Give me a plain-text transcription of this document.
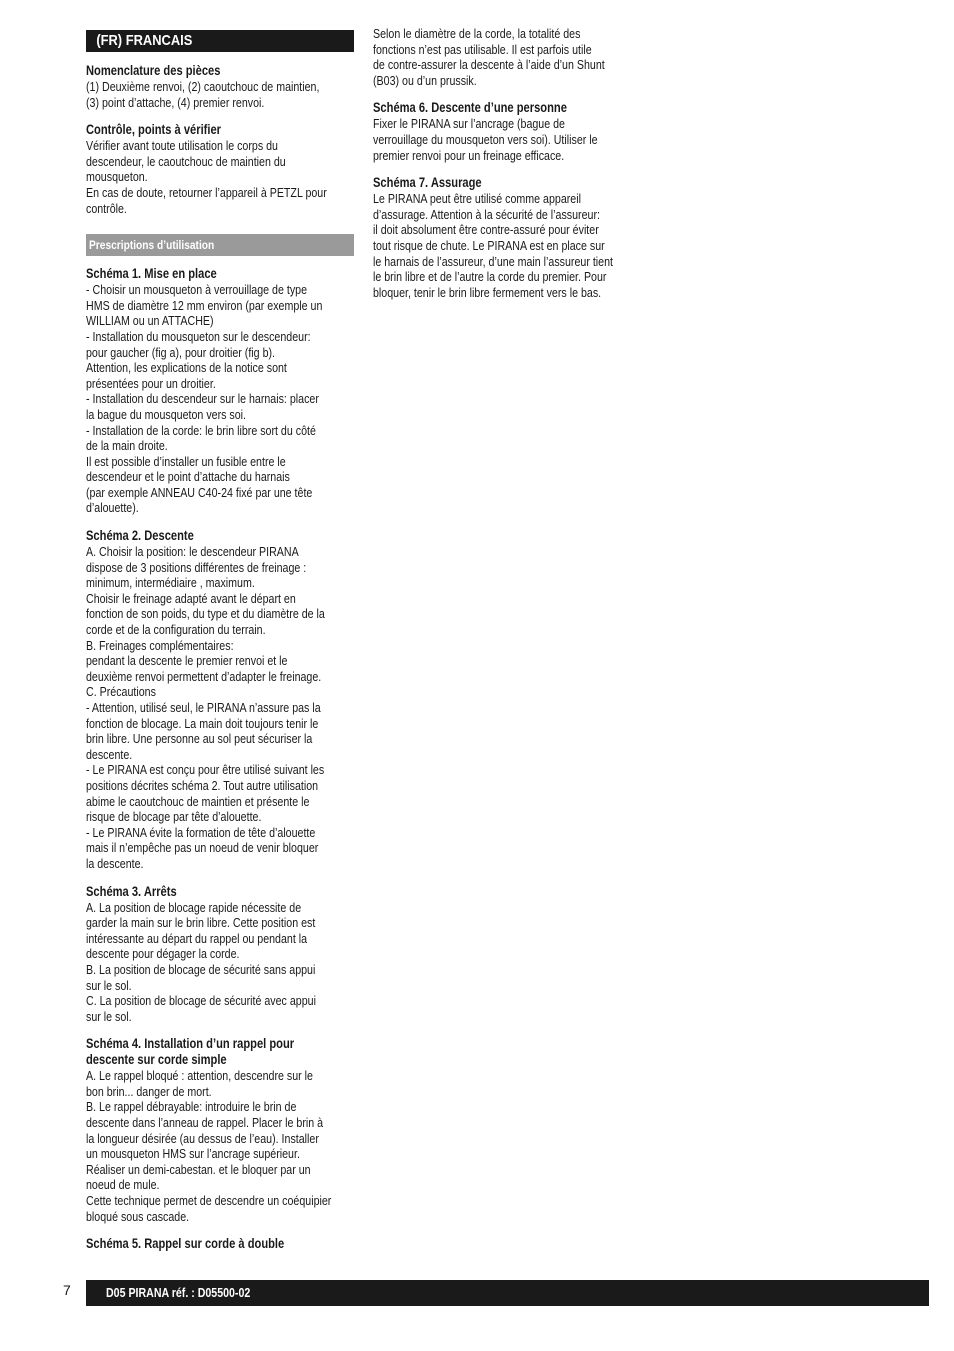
(FR) FRANCAIS
Nomenclature des pièces
(1) Deuxième renvoi, (2) caoutchouc de maintien,
(3) point d’attache, (4) premier renvoi.
Contrôle, points à vérifier
Vérifier avant toute utilisation le corps du
descendeur, le caoutchouc de maintien du
mousqueton.
En cas de doute, retourner l’appareil à PETZL pour
contrôle.
Prescriptions d’utilisation
Schéma 1. Mise en place
- Choisir un mousqueton à verrouillage de type
HMS de diamètre 12 mm environ (par exemple un
WILLIAM ou un ATTACHE)
- Installation du mousqueton sur le descendeur:
pour gaucher (fig a), pour droitier (fig b).
Attention, les explications de la notice sont
présentées pour un droitier.
- Installation du descendeur sur le harnais: placer
la bague du mousqueton vers soi.
- Installation de la corde: le brin libre sort du côté
de la main droite.
Il est possible d’installer un fusible entre le
descendeur et le point d’attache du harnais
(par exemple ANNEAU C40-24 fixé par une tête
d’alouette).
Schéma 2. Descente
A. Choisir la position: le descendeur PIRANA
dispose de 3 positions différentes de freinage :
minimum, intermédiaire , maximum.
Choisir le freinage adapté avant le départ en
fonction de son poids, du type et du diamètre de la
corde et de la configuration du terrain.
B. Freinages complémentaires:
pendant la descente le premier renvoi et le
deuxième renvoi permettent d’adapter le freinage.
C. Précautions
- Attention, utilisé seul, le PIRANA n’assure pas la
fonction de blocage. La main doit toujours tenir le
brin libre. Une personne au sol peut sécuriser la
descente.
- Le PIRANA est conçu pour être utilisé suivant les
positions décrites schéma 2. Tout autre utilisation
abime le caoutchouc de maintien et présente le
risque de blocage par tête d’alouette.
- Le PIRANA évite la formation de tête d’alouette
mais il n’empêche pas un noeud de venir bloquer
la descente.
Schéma 3. Arrêts
A. La position de blocage rapide nécessite de
garder la main sur le brin libre. Cette position est
intéressante au départ du rappel ou pendant la
descente pour dégager la corde.
B. La position de blocage de sécurité sans appui
sur le sol.
C. La position de blocage de sécurité avec appui
sur le sol.
Schéma 4. Installation d’un rappel pour
descente sur corde simple
A. Le rappel bloqué : attention, descendre sur le
bon brin... danger de mort.
B. Le rappel débrayable: introduire le brin de
descente dans l’anneau de rappel. Placer le brin à
la longueur désirée (au dessus de l’eau). Installer
un mousqueton HMS sur l’ancrage supérieur.
Réaliser un demi-cabestan. et le bloquer par un
noeud de mule.
Cette technique permet de descendre un coéquipier
bloqué sous cascade.
Schéma 5. Rappel sur corde à double
Selon le diamètre de la corde, la totalité des
fonctions n’est pas utilisable. Il est parfois utile
de contre-assurer la descente à l’aide d’un Shunt
(B03) ou d’un prussik.
Schéma 6. Descente d’une personne
Fixer le PIRANA sur l’ancrage (bague de
verrouillage du mousqueton vers soi). Utiliser le
premier renvoi pour un freinage efficace.
Schéma 7. Assurage
Le PIRANA peut être utilisé comme appareil
d’assurage. Attention à la sécurité de l’assureur:
il doit absolument être contre-assuré pour éviter
tout risque de chute. Le PIRANA est en place sur
le harnais de l’assureur, d’une main l’assureur tient
le brin libre et de l’autre la corde du premier. Pour
bloquer, tenir le brin libre fermement vers le bas.
7	D05 PIRANA réf. : D05500-02
